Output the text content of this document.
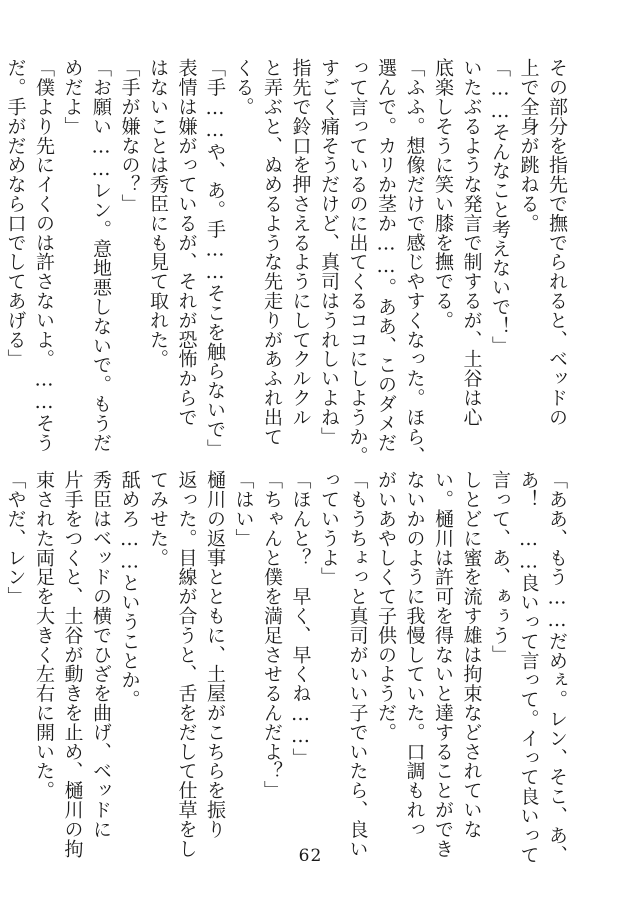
その部分を指先で撫でられると、ベッドの
上で全身が跳ねる。
「……そんなこと考えないで！」
いたぶるような発言で制するが、土谷は心
底楽しそうに笑い膝を撫でる。
「ふふ。想像だけで感じやすくなった。ほら、
選んで。カリか茎か……。ああ、このダメだ
って言っているのに出てくるココにしようか。
すごく痛そうだけど、真司はうれしいよね」
指先で鈴口を押さえるようにしてクルクル
と弄ぶと、ぬめるような先走りがあふれ出て
くる。
「手……や、あ。手……そこを触らないで」
表情は嫌がっているが、それが恐怖からで
はないことは秀臣にも見て取れた。
「手が嫌なの？」
「お願い……レン。意地悪しないで。もうだ
めだよ」
「僕より先にイくのは許さないよ。……そう
だ。手がだめなら口でしてあげる」
「ああ、もう……だめぇ。レン、そこ、あ、
あ！　……良いって言って。イって良いって
言って、あ、ぁぅう」
しとどに蜜を流す雄は拘束などされていな
い。樋川は許可を得ないと達することができ
ないかのように我慢していた。口調もれっ
がいあやしくて子供のようだ。
「もうちょっと真司がいい子でいたら、良い
っていうよ」
「ほんと？　早く、早くね……」
「ちゃんと僕を満足させるんだよ？」
「はい」
樋川の返事とともに、土屋がこちらを振り
返った。目線が合うと、舌をだして仕草をし
てみせた。
舐めろ……ということか。
秀臣はベッドの横でひざを曲げ、ベッドに
片手をつくと、土谷が動きを止め、樋川の拘
束された両足を大きく左右に開いた。
「やだ、レン」
62
